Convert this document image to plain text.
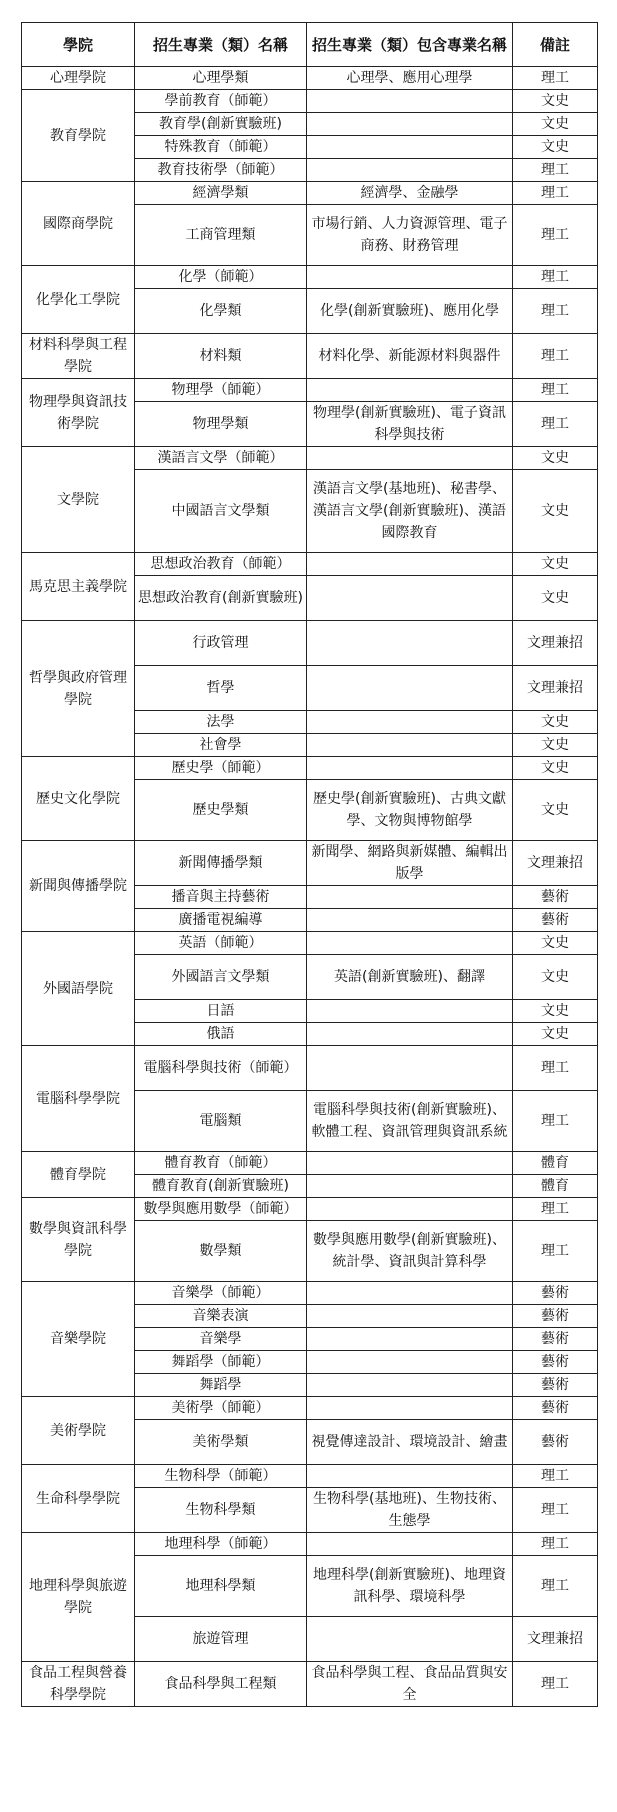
學院	招生專業（類）名稱	招生專業（類）包含專業名稱	備註
心理學院	心理學類	心理學、應用心理學	理工
教育學院	學前教育（師範）		文史
	教育學(創新實驗班)		文史
	特殊教育（師範）		文史
	教育技術學（師範）		理工
國際商學院	經濟學類	經濟學、金融學	理工
	工商管理類	市場行銷、人力資源管理、電子商務、財務管理	理工
化學化工學院	化學（師範）		理工
	化學類	化學(創新實驗班)、應用化學	理工
材料科學與工程學院	材料類	材料化學、新能源材料與器件	理工
物理學與資訊技術學院	物理學（師範）		理工
	物理學類	物理學(創新實驗班)、電子資訊科學與技術	理工
文學院	漢語言文學（師範）		文史
	中國語言文學類	漢語言文學(基地班)、秘書學、漢語言文學(創新實驗班)、漢語國際教育	文史
馬克思主義學院	思想政治教育（師範）		文史
	思想政治教育(創新實驗班)		文史
哲學與政府管理學院	行政管理		文理兼招
	哲學		文理兼招
	法學		文史
	社會學		文史
歷史文化學院	歷史學（師範）		文史
	歷史學類	歷史學(創新實驗班)、古典文獻學、文物與博物館學	文史
新聞與傳播學院	新聞傳播學類	新聞學、網路與新媒體、編輯出版學	文理兼招
	播音與主持藝術		藝術
	廣播電視編導		藝術
外國語學院	英語（師範）		文史
	外國語言文學類	英語(創新實驗班)、翻譯	文史
	日語		文史
	俄語		文史
電腦科學學院	電腦科學與技術（師範）		理工
	電腦類	電腦科學與技術(創新實驗班)、軟體工程、資訊管理與資訊系統	理工
體育學院	體育教育（師範）		體育
	體育教育(創新實驗班)		體育
數學與資訊科學學院	數學與應用數學（師範）		理工
	數學類	數學與應用數學(創新實驗班)、統計學、資訊與計算科學	理工
音樂學院	音樂學（師範）		藝術
	音樂表演		藝術
	音樂學		藝術
	舞蹈學（師範）		藝術
	舞蹈學		藝術
美術學院	美術學（師範）		藝術
	美術學類	視覺傳達設計、環境設計、繪畫	藝術
生命科學學院	生物科學（師範）		理工
	生物科學類	生物科學(基地班)、生物技術、生態學	理工
地理科學與旅遊學院	地理科學（師範）		理工
	地理科學類	地理科學(創新實驗班)、地理資訊科學、環境科學	理工
	旅遊管理		文理兼招
食品工程與營養科學學院	食品科學與工程類	食品科學與工程、食品品質與安全	理工
